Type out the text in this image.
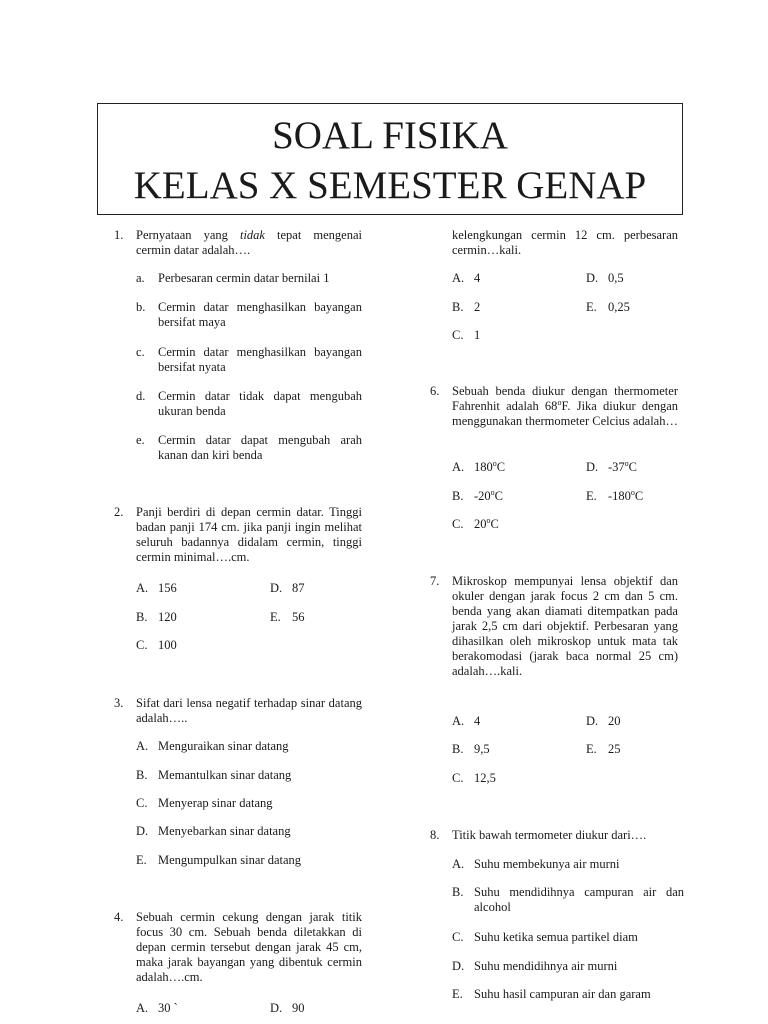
SOAL FISIKA
KELAS X SEMESTER GENAP
1. Pernyataan yang tidak tepat mengenai cermin datar adalah….
a. Perbesaran cermin datar bernilai 1
b. Cermin datar menghasilkan bayangan bersifat maya
c. Cermin datar menghasilkan bayangan bersifat nyata
d. Cermin datar tidak dapat mengubah ukuran benda
e. Cermin datar dapat mengubah arah kanan dan kiri benda
2. Panji berdiri di depan cermin datar. Tinggi badan panji 174 cm. jika panji ingin melihat seluruh badannya didalam cermin, tinggi cermin minimal….cm.
A. 156	D. 87
B. 120	E. 56
C. 100
3. Sifat dari lensa negatif terhadap sinar datang adalah…..
A. Menguraikan sinar datang
B. Memantulkan sinar datang
C. Menyerap sinar datang
D. Menyebarkan sinar datang
E. Mengumpulkan sinar datang
4. Sebuah cermin cekung dengan jarak titik focus 30 cm. Sebuah benda diletakkan di depan cermin tersebut dengan jarak 45 cm, maka jarak bayangan yang dibentuk cermin adalah….cm.
A. 30 `	D. 90
kelengkungan cermin 12 cm. perbesaran cermin…kali.
A. 4	D. 0,5
B. 2	E. 0,25
C. 1
6. Sebuah benda diukur dengan thermometer Fahrenhit adalah 68$^o$F. Jika diukur dengan menggunakan thermometer Celcius adalah…
A. 180$^o$C	D. -37$^o$C
B. -20$^o$C	E. -180$^o$C
C. 20$^o$C
7. Mikroskop mempunyai lensa objektif dan okuler dengan jarak focus 2 cm dan 5 cm. benda yang akan diamati ditempatkan pada jarak 2,5 cm dari objektif. Perbesaran yang dihasilkan oleh mikroskop untuk mata tak berakomodasi (jarak baca normal 25 cm) adalah….kali.
A. 4	D. 20
B. 9,5	E. 25
C. 12,5
8. Titik bawah termometer diukur dari….
A. Suhu membekunya air murni
B. Suhu mendidihnya campuran air dan alcohol
C. Suhu ketika semua partikel diam
D. Suhu mendidihnya air murni
E. Suhu hasil campuran air dan garam
